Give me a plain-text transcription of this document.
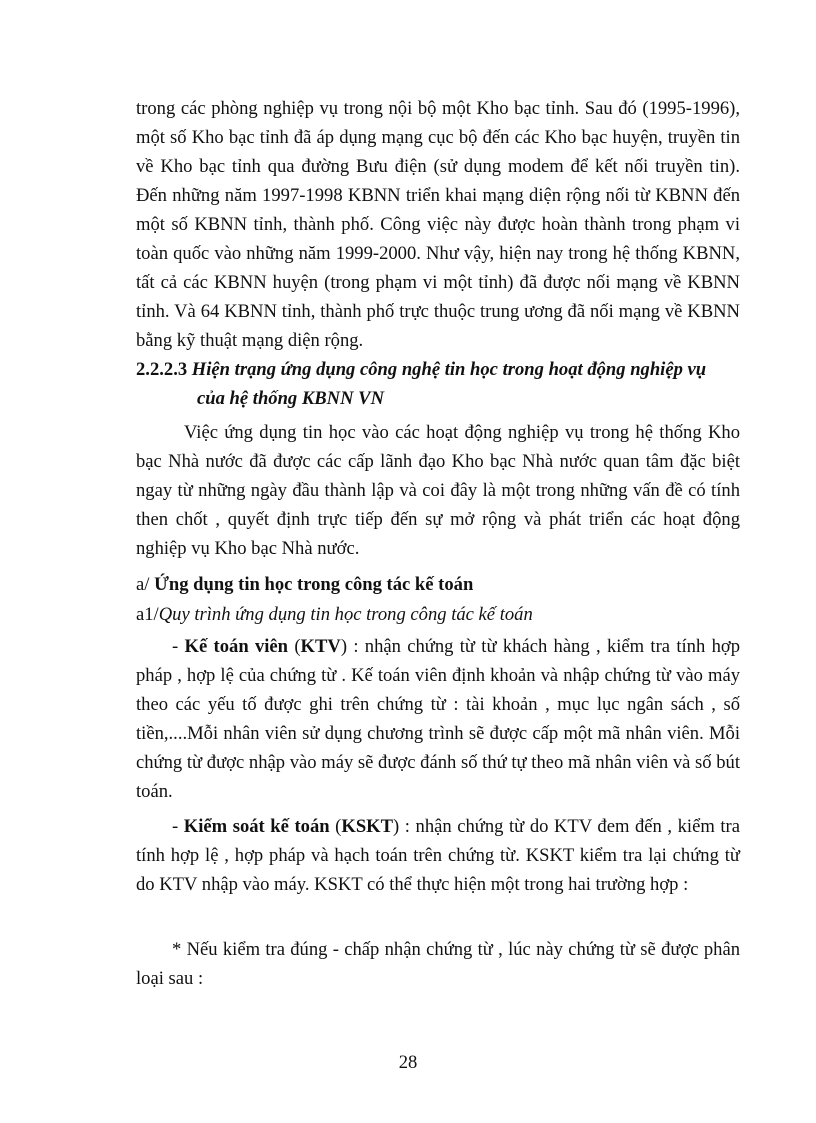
trong các phòng nghiệp vụ trong nội bộ một Kho bạc tỉnh. Sau đó (1995-1996), một số Kho bạc tỉnh đã áp dụng mạng cục bộ đến các Kho bạc huyện, truyền tin về Kho bạc tỉnh qua đường Bưu điện (sử dụng modem để kết nối truyền tin). Đến những năm 1997-1998 KBNN triển khai mạng diện rộng nối từ KBNN đến một số KBNN tỉnh, thành phố. Công việc này được hoàn thành trong phạm vi toàn quốc vào những năm 1999-2000. Như vậy, hiện nay trong hệ thống KBNN, tất cả các KBNN huyện (trong phạm vi một tỉnh) đã được nối mạng về KBNN tỉnh. Và 64 KBNN tỉnh, thành phố trực thuộc trung ương đã nối mạng về KBNN bằng kỹ thuật mạng diện rộng.
2.2.2.3 Hiện trạng ứng dụng công nghệ tin học trong hoạt động nghiệp vụ
của hệ thống KBNN VN
Việc ứng dụng tin học vào các hoạt động nghiệp vụ trong hệ thống Kho bạc Nhà nước đã được các cấp lãnh đạo Kho bạc Nhà nước quan tâm đặc biệt ngay từ những ngày đầu thành lập và coi đây là một trong những vấn đề có tính then chốt , quyết định trực tiếp đến sự mở rộng và phát triển các hoạt động nghiệp vụ Kho bạc Nhà nước.
a/ Ứng dụng tin học trong công tác kế toán
a1/Quy trình ứng dụng tin học trong công tác kế toán
- Kế toán viên (KTV) : nhận chứng từ từ khách hàng , kiểm tra tính hợp pháp , hợp lệ của chứng từ . Kế toán viên định khoản và nhập chứng từ vào máy theo các yếu tố được ghi trên chứng từ : tài khoản , mục lục ngân sách , số tiền,....Mỗi nhân viên sử dụng chương trình sẽ được cấp một mã nhân viên. Mỗi chứng từ được nhập vào máy sẽ được đánh số thứ tự theo mã nhân viên và số bút toán.
- Kiểm soát kế toán (KSKT) : nhận chứng từ do KTV đem đến , kiểm tra tính hợp lệ , hợp pháp và hạch toán trên chứng từ. KSKT kiểm tra lại chứng từ do KTV nhập vào máy. KSKT có thể thực hiện một trong hai trường hợp :
* Nếu kiểm tra đúng - chấp nhận chứng từ , lúc này chứng từ sẽ được phân loại sau :
28
